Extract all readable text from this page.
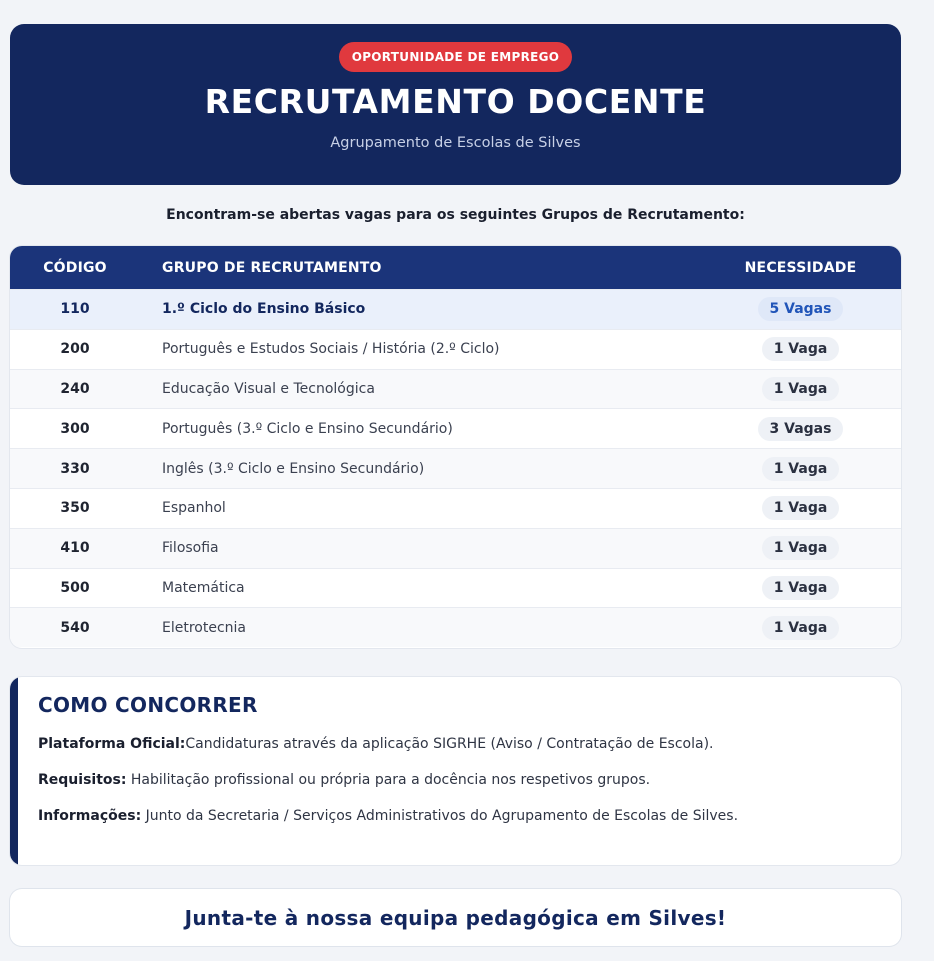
OPORTUNIDADE DE EMPREGO
RECRUTAMENTO DOCENTE
Agrupamento de Escolas de Silves
Encontram-se abertas vagas para os seguintes Grupos de Recrutamento:
CÓDIGO	GRUPO DE RECRUTAMENTO	NECESSIDADE
110	1.º Ciclo do Ensino Básico	5 Vagas
200	Português e Estudos Sociais / História (2.º Ciclo)	1 Vaga
240	Educação Visual e Tecnológica	1 Vaga
300	Português (3.º Ciclo e Ensino Secundário)	3 Vagas
330	Inglês (3.º Ciclo e Ensino Secundário)	1 Vaga
350	Espanhol	1 Vaga
410	Filosofia	1 Vaga
500	Matemática	1 Vaga
540	Eletrotecnia	1 Vaga
COMO CONCORRER
Plataforma Oficial:Candidaturas através da aplicação SIGRHE (Aviso / Contratação de Escola).
Requisitos: Habilitação profissional ou própria para a docência nos respetivos grupos.
Informações: Junto da Secretaria / Serviços Administrativos do Agrupamento de Escolas de Silves.
Junta-te à nossa equipa pedagógica em Silves!
